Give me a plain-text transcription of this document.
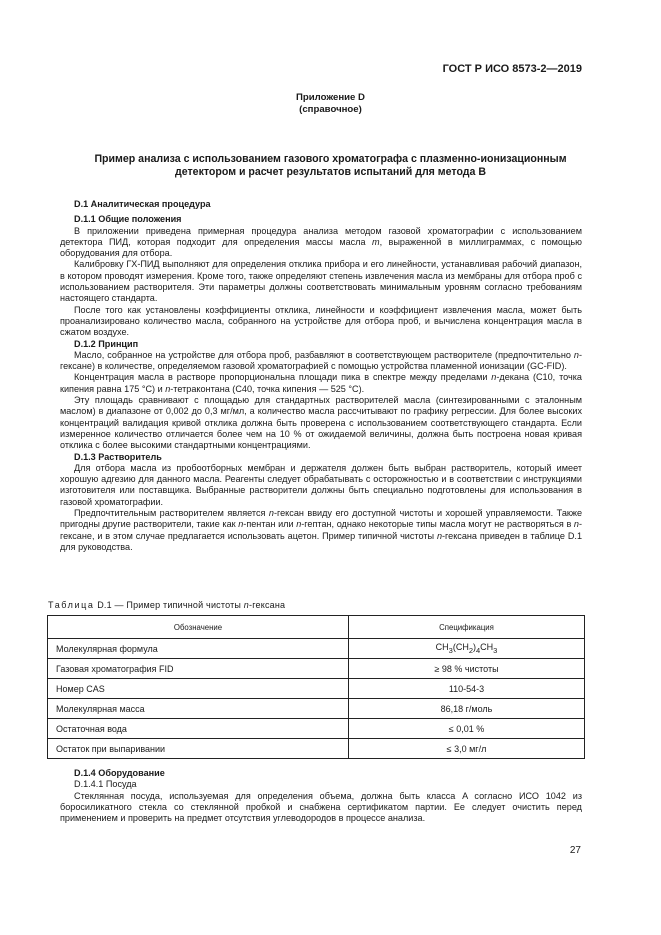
ГОСТ Р ИСО 8573-2—2019
Приложение D
(справочное)
Пример анализа с использованием газового хроматографа с плазменно-ионизационным
детектором и расчет результатов испытаний для метода B
D.1 Аналитическая процедура
D.1.1 Общие положения

В приложении приведена примерная процедура анализа методом газовой хроматографии с использованием детектора ПИД, которая подходит для определения массы масла m, выраженной в миллиграммах, с помощью оборудования для отбора.

Калибровку ГХ-ПИД выполняют для определения отклика прибора и его линейности, устанавливая рабочий диапазон, в котором проводят измерения. Кроме того, также определяют степень извлечения масла из мембраны для отбора проб с использованием растворителя. Эти параметры должны соответствовать минимальным уровням согласно требованиям настоящего стандарта.

После того как установлены коэффициенты отклика, линейности и коэффициент извлечения масла, может быть проанализировано количество масла, собранного на устройстве для отбора проб, и вычислена концентрация масла в сжатом воздухе.

D.1.2 Принцип

Масло, собранное на устройстве для отбора проб, разбавляют в соответствующем растворителе (предпочтительно n-гексане) в количестве, определяемом газовой хроматографией с помощью устройства пламенной ионизации (GC-FID).

Концентрация масла в растворе пропорциональна площади пика в спектре между пределами n-декана (C10, точка кипения равна 175 °C) и n-тетраконтана (C40, точка кипения — 525 °C).

Эту площадь сравнивают с площадью для стандартных растворителей масла (синтезированными с эталонным маслом) в диапазоне от 0,002 до 0,3 мг/мл, а количество масла рассчитывают по графику регрессии. Для более высоких концентраций валидация кривой отклика должна быть проверена с использованием соответствующего стандарта. Если измеренное количество отличается более чем на 10 % от ожидаемой величины, должна быть построена новая кривая отклика с более высокими стандартными концентрациями.

D.1.3 Растворитель

Для отбора масла из пробоотборных мембран и держателя должен быть выбран растворитель, который имеет хорошую адгезию для данного масла. Реагенты следует обрабатывать с осторожностью и в соответствии с инструкциями изготовителя или поставщика. Выбранные растворители должны быть специально подготовлены для использования в газовой хроматографии.

Предпочтительным растворителем является n-гексан ввиду его доступной чистоты и хорошей управляемости. Также пригодны другие растворители, такие как n-пентан или n-гептан, однако некоторые типы масла могут не растворяться в n-гексане, и в этом случае предлагается использовать ацетон. Пример типичной чистоты n-гексана приведен в таблице D.1 для руководства.

Таблица D.1 — Пример типичной чистоты n-гексана
Обозначение	Спецификация
Молекулярная формула	$CH_3(CH_2)_4CH_3$
Газовая хроматография FID	≥ 98 % чистоты
Номер CAS	110-54-3
Молекулярная масса	86,18 г/моль
Остаточная вода	≤ 0,01 %
Остаток при выпаривании	≤ 3,0 мг/л
D.1.4 Оборудование
D.1.4.1 Посуда

Стеклянная посуда, используемая для определения объема, должна быть класса A согласно ИСО 1042 из боросиликатного стекла со стеклянной пробкой и снабжена сертификатом партии. Ее следует очистить перед применением и проверить на предмет отсутствия углеводородов в процессе анализа.

27
